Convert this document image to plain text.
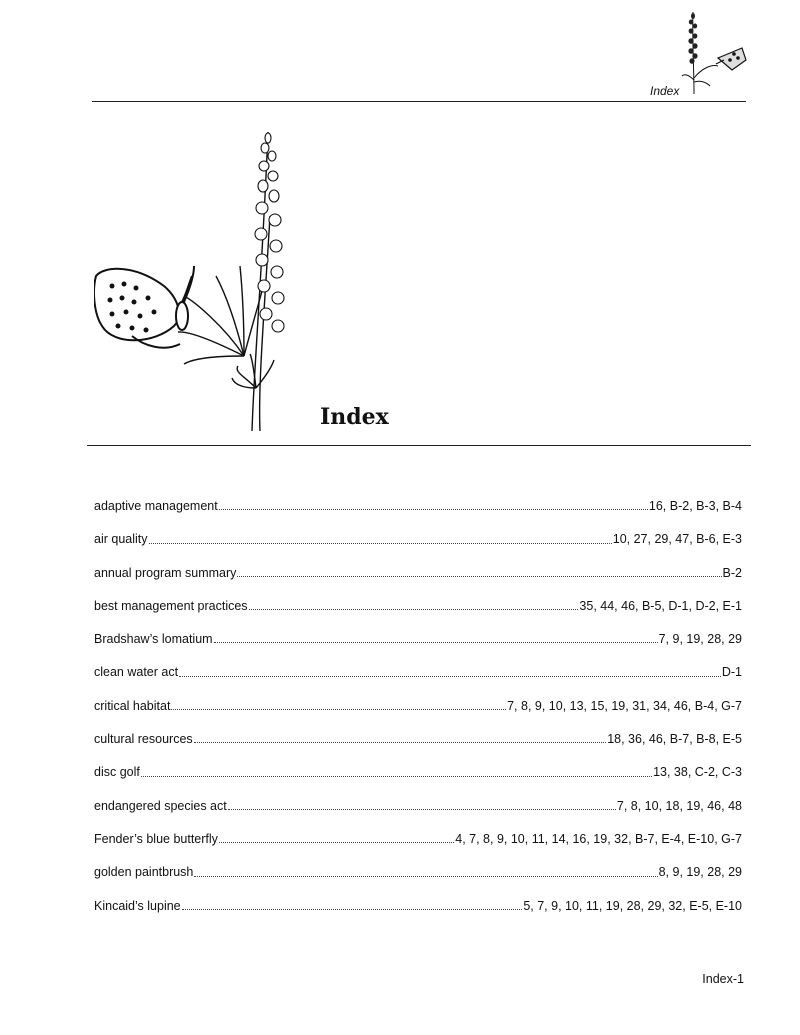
Index
Index
adaptive management	16, B-2, B-3, B-4
air quality	10, 27, 29, 47, B-6, E-3
annual program summary	B-2
best management practices	35, 44, 46, B-5, D-1, D-2, E-1
Bradshaw’s lomatium	7, 9, 19, 28, 29
clean water act	D-1
critical habitat	7, 8, 9, 10, 13, 15, 19, 31, 34, 46, B-4, G-7
cultural resources	18, 36, 46, B-7, B-8, E-5
disc golf	13, 38, C-2, C-3
endangered species act	7, 8, 10, 18, 19, 46, 48
Fender’s blue butterfly	4, 7, 8, 9, 10, 11, 14, 16, 19, 32, B-7, E-4, E-10, G-7
golden paintbrush	8, 9, 19, 28, 29
Kincaid’s lupine	5, 7, 9, 10, 11, 19, 28, 29, 32, E-5, E-10
Index-1
